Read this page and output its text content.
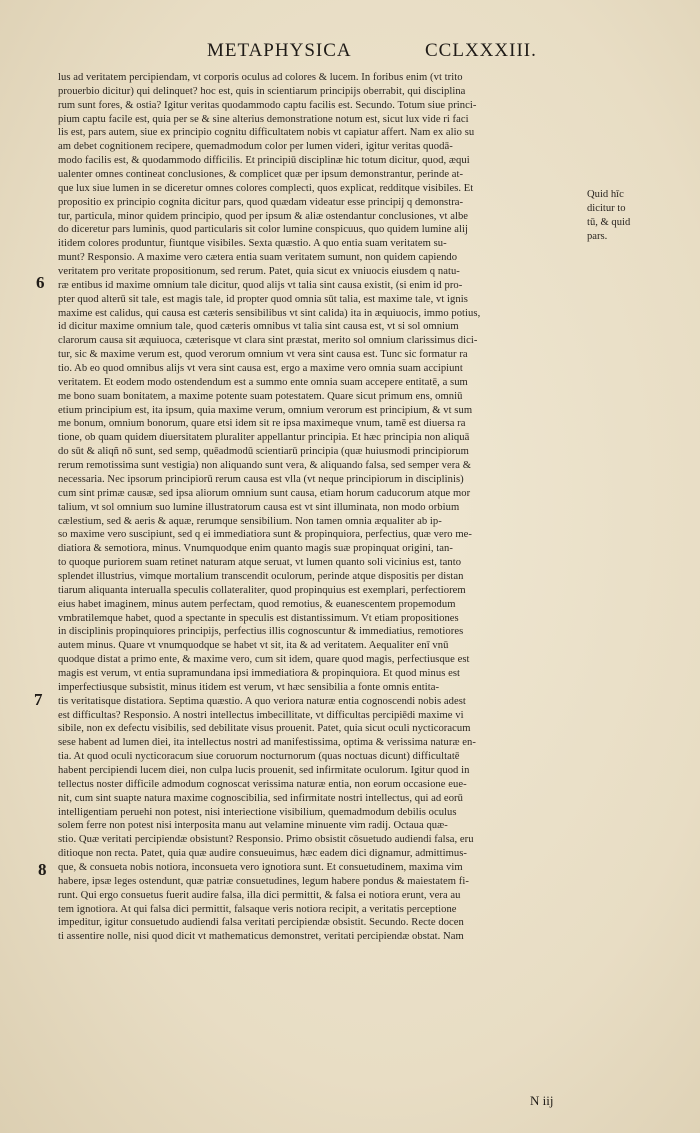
METAPHYSICA	CCLXXXIII.
lus ad veritatem percipiendam, vt corporis oculus ad colores & lucem. In foribus enim (vt trito
prouerbio dicitur) qui delinquet? hoc est, quis in scientiarum principijs oberrabit, qui disciplina
rum sunt fores, & ostia? Igitur veritas quodammodo captu facilis est. Secundo. Totum siue princi-
pium captu facile est, quia per se & sine alterius demonstratione notum est, sicut lux vide ri faci
lis est, pars autem, siue ex principio cognitu difficultatem nobis vt capiatur affert. Nam ex alio su
am debet cognitionem recipere, quemadmodum color per lumen videri, igitur veritas quodā-
modo facilis est, & quodammodo difficilis. Et principiū disciplinæ hic totum dicitur, quod, æqui
ualenter omnes contineat conclusiones, & complicet quæ per ipsum demonstrantur, perinde at-
que lux siue lumen in se diceretur omnes colores complecti, quos explicat, redditque visibiles. Et
propositio ex principio cognita dicitur pars, quod quædam videatur esse principij q demonstra-
tur, particula, minor quidem principio, quod per ipsum & aliæ ostendantur conclusiones, vt albe
do diceretur pars luminis, quod particularis sit color lumine conspicuus, quo quidem lumine alij
itidem colores produntur, fiuntque visibiles. Sexta quæstio. A quo entia suam veritatem su-
munt? Responsio. A maxime vero cætera entia suam veritatem sumunt, non quidem capiendo
veritatem pro veritate propositionum, sed rerum. Patet, quia sicut ex vniuocis eiusdem q natu-
ræ entibus id maxime omnium tale dicitur, quod alijs vt talia sint causa existit, (si enim id pro-
pter quod alterū sit tale, est magis tale, id propter quod omnia sūt talia, est maxime tale, vt ignis
maxime est calidus, qui causa est cæteris sensibilibus vt sint calida) ita in æquiuocis, immo potius,
id dicitur maxime omnium tale, quod cæteris omnibus vt talia sint causa est, vt si sol omnium
clarorum causa sit æquiuoca, cæterisque vt clara sint præstat, merito sol omnium clarissimus dici-
tur, sic & maxime verum est, quod verorum omnium vt vera sint causa est. Tunc sic formatur ra
tio. Ab eo quod omnibus alijs vt vera sint causa est, ergo a maxime vero omnia suam accipiunt
veritatem. Et eodem modo ostendendum est a summo ente omnia suam accepere entitatē, a sum
me bono suam bonitatem, a maxime potente suam potestatem. Quare sicut primum ens, omniū
etium principium est, ita ipsum, quia maxime verum, omnium verorum est principium, & vt sum
me bonum, omnium bonorum, quare etsi idem sit re ipsa maximeque vnum, tamē est diuersa ra
tione, ob quam quidem diuersitatem pluraliter appellantur principia. Et hæc principia non aliquā
do sūt & aliqñ nō sunt, sed semp, quēadmodū scientiarū principia (quæ huiusmodi principiorum
rerum remotissima sunt vestigia) non aliquando sunt vera, & aliquando falsa, sed semper vera &
necessaria. Nec ipsorum principiorū rerum causa est vlla (vt neque principiorum in disciplinis)
cum sint primæ causæ, sed ipsa aliorum omnium sunt causa, etiam horum caducorum atque mor
talium, vt sol omnium suo lumine illustratorum causa est vt sint illuminata, non modo orbium
cælestium, sed & aeris & aquæ, rerumque sensibilium. Non tamen omnia æqualiter ab ip-
so maxime vero suscipiunt, sed q ei immediatiora sunt & propinquiora, perfectius, quæ vero me-
diatiora & semotiora, minus. Vnumquodque enim quanto magis suæ propinquat origini, tan-
to quoque puriorem suam retinet naturam atque seruat, vt lumen quanto soli vicinius est, tanto
splendet illustrius, vimque mortalium transcendit oculorum, perinde atque dispositis per distan
tiarum aliquanta interualla speculis collateraliter, quod propinquius est exemplari, perfectiorem
eius habet imaginem, minus autem perfectam, quod remotius, & euanescentem propemodum
vmbratilemque habet, quod a spectante in speculis est distantissimum. Vt etiam propositiones
in disciplinis propinquiores principijs, perfectius illis cognoscuntur & immediatius, remotiores
autem minus. Quare vt vnumquodque se habet vt sit, ita & ad veritatem. Aequaliter enī vnū
quodque distat a primo ente, & maxime vero, cum sit idem, quare quod magis, perfectiusque est
magis est verum, vt entia supramundana ipsi immediatiora & propinquiora. Et quod minus est
imperfectiusque subsistit, minus itidem est verum, vt hæc sensibilia a fonte omnis entita-
tis veritatisque distatiora. Septima quæstio. A quo veriora naturæ entia cognoscendi nobis adest
est difficultas? Responsio. A nostri intellectus imbecillitate, vt difficultas percipiēdi maxime vi
sibile, non ex defectu visibilis, sed debilitate visus prouenit. Patet, quia sicut oculi nycticoracum
sese habent ad lumen diei, ita intellectus nostri ad manifestissima, optima & verissima naturæ en-
tia. At quod oculi nycticoracum siue coruorum nocturnorum (quas noctuas dicunt) difficultatē
habent percipiendi lucem diei, non culpa lucis prouenit, sed infirmitate oculorum. Igitur quod in
tellectus noster difficile admodum cognoscat verissima naturæ entia, non eorum occasione eue-
nit, cum sint suapte natura maxime cognoscibilia, sed infirmitate nostri intellectus, qui ad eorū
intelligentiam peruehi non potest, nisi interiectione visibilium, quemadmodum debilis oculus
solem ferre non potest nisi interposita manu aut velamine minuente vim radij. Octaua quæ-
stio. Quæ veritati percipiendæ obsistunt? Responsio. Primo obsistit cōsuetudo audiendi falsa, eru
ditioque non recta. Patet, quia quæ audire consueuimus, hæc eadem dici dignamur, admittimus-
que, & consueta nobis notiora, inconsueta vero ignotiora sunt. Et consuetudinem, maxima vim
habere, ipsæ leges ostendunt, quæ patriæ consuetudines, legum habere pondus & maiestatem fi-
runt. Qui ergo consuetus fuerit audire falsa, illa dici permittit, & falsa ei notiora erunt, vera au
tem ignotiora. At qui falsa dici permittit, falsaque veris notiora recipit, a veritatis perceptione
impeditur, igitur consuetudo audiendi falsa veritati percipiendæ obsistit. Secundo. Recte docen
ti assentire nolle, nisi quod dicit vt mathematicus demonstret, veritati percipiendæ obstat. Nam
6
7
8
Quid hīc
dicitur to
tū, & quid
pars.
N iij
